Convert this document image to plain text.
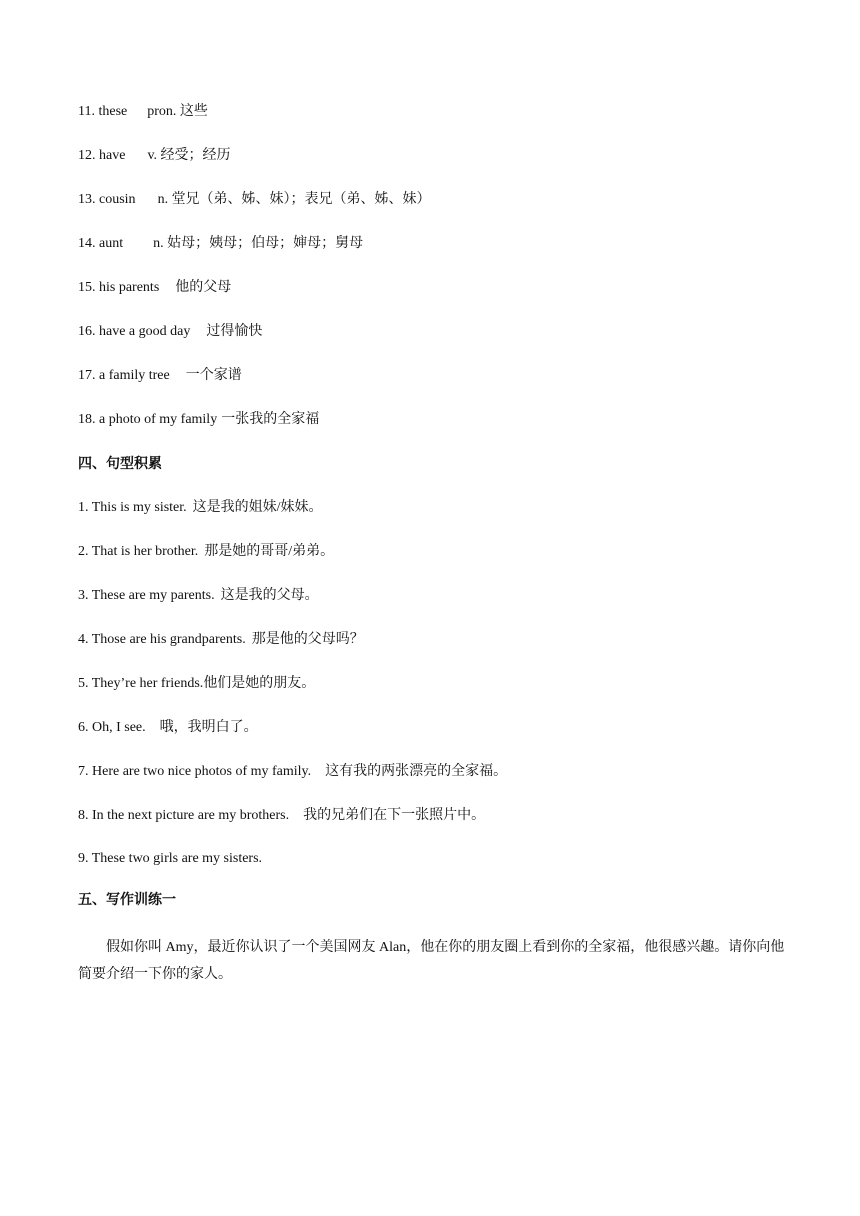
11. these pron. 这些
12. have v. 经受；经历
13. cousin n. 堂兄（弟、姊、妹）；表兄（弟、姊、妹）
14. aunt n. 姑母；姨母；伯母；婶母；舅母
15. his parents 他的父母
16. have a good day 过得愉快
17. a family tree 一个家谱
18. a photo of my family 一张我的全家福
四、句型积累
1. This is my sister. 这是我的姐妹/妹妹。
2. That is her brother. 那是她的哥哥/弟弟。
3. These are my parents. 这是我的父母。
4. Those are his grandparents. 那是他的父母吗？
5. They’re her friends.他们是她的朋友。
6. Oh, I see. 哦，我明白了。
7. Here are two nice photos of my family. 这有我的两张漂亮的全家福。
8. In the next picture are my brothers. 我的兄弟们在下一张照片中。
9. These two girls are my sisters.
五、写作训练一
假如你叫 Amy，最近你认识了一个美国网友 Alan，他在你的朋友圈上看到你的全家福，他很感兴趣。请你向他简要介绍一下你的家人。
